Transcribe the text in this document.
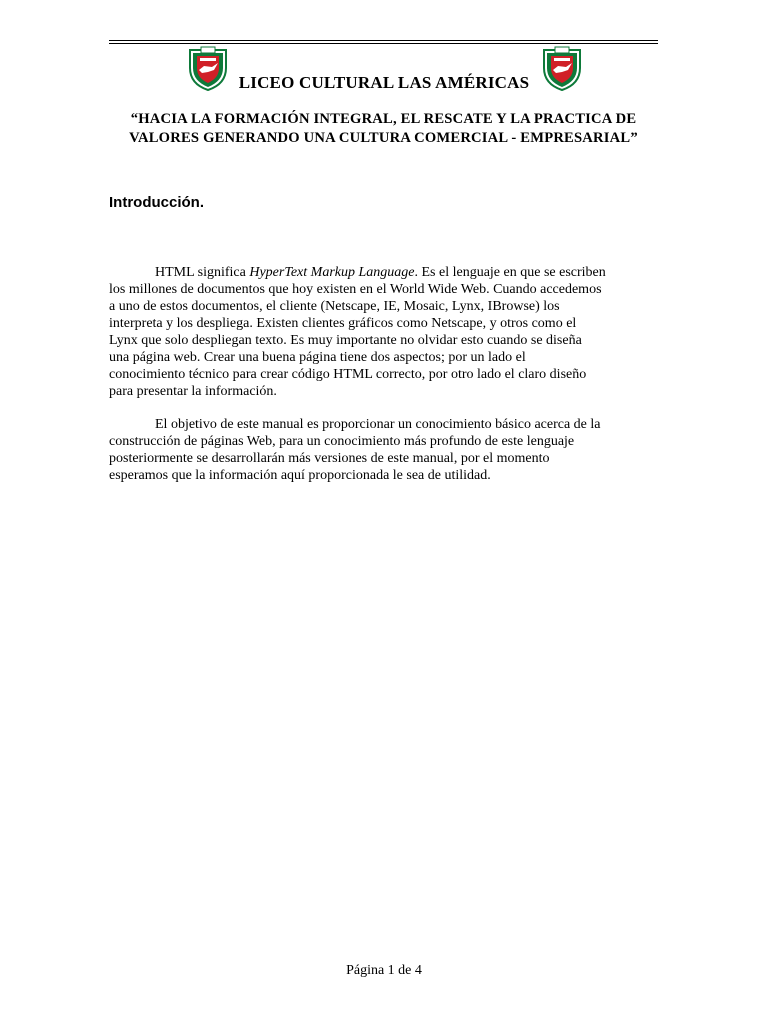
LICEO CULTURAL LAS AMÉRICAS
“HACIA LA FORMACIÓN INTEGRAL, EL RESCATE Y LA PRACTICA DE
VALORES GENERANDO UNA CULTURA COMERCIAL - EMPRESARIAL”
Introducción.
HTML significa HyperText Markup Language. Es el lenguaje en que se escriben
los millones de documentos que hoy existen en el World Wide Web. Cuando accedemos
a uno de estos documentos, el cliente (Netscape, IE, Mosaic, Lynx, IBrowse) los
interpreta y los despliega. Existen clientes gráficos como Netscape, y otros como el
Lynx que solo despliegan texto. Es muy importante no olvidar esto cuando se diseña
una página web. Crear una buena página tiene dos aspectos; por un lado el
conocimiento técnico para crear código HTML correcto, por otro lado el claro diseño
para presentar la información.
El objetivo de este manual es proporcionar un conocimiento básico acerca de la
construcción de páginas Web, para un conocimiento más profundo de este lenguaje
posteriormente se desarrollarán más versiones de este manual, por el momento
esperamos que la información aquí proporcionada le sea de utilidad.
Página 1 de 4
